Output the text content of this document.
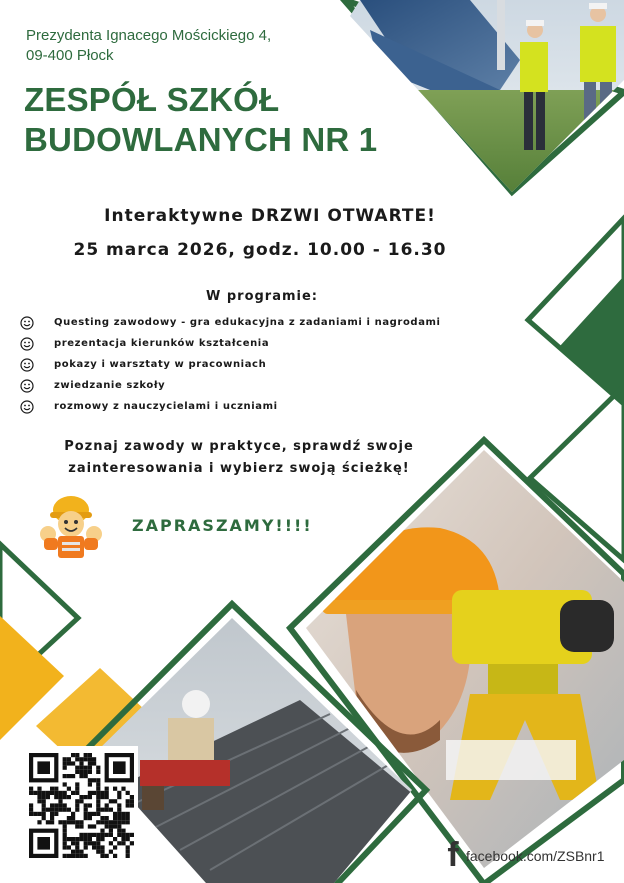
Prezydenta Ignacego Mościckiego 4,
09-400 Płock
ZESPÓŁ SZKÓŁ
BUDOWLANYCH NR 1
Interaktywne DRZWI OTWARTE!
25 marca 2026, godz. 10.00 - 16.30
W programie:
Questing zawodowy - gra edukacyjna z zadaniami i nagrodami
prezentacja kierunków kształcenia
pokazy i warsztaty w pracowniach
zwiedzanie szkoły
rozmowy z nauczycielami i uczniami
Poznaj zawody w praktyce, sprawdź swoje
zainteresowania i wybierz swoją ścieżkę!
ZAPRASZAMY!!!!
f facebook.com/ZSBnr1
